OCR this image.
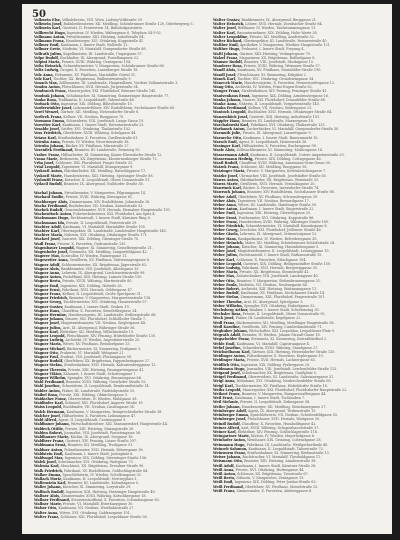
50

Volkwein Else, Volkslehrerin, VIII. Wien, Ludwig-Vollstraße 29.

Volkwein Josef, Bahnbediensteter, XII. Meidling, Schönbrunner Straße 120, Oderbergweg 5.

Volkwein Karl, Gastwirt, II. Praterstern 14, Bahnhofgaststätte.

Vollbrecht Hugo, Ingenieur, IV. Wieden, Waltergasse 6, Telephon 54-3-92.

Vollmann Anton, Privatbeamter, XIII. Hietzing, Auhofstraße 64.

Vollmann Franz, Hausbesorger, XVI. Ottakring, Koppstraße 41.

Vollmer Emil, Kaufmann, I. Innere Stadt, Wollzeile 12.

Vollmer Grete, Modistin, VI. Mariahilf, Gumpendorfer Straße 88.

Vollrath Julius, Kapellmeister, III. Landstraße, Ungargasse 37.

Volpe Rudolf, Buchhalter, IX. Alsergrund, Porzellangasse 22.

Volpini Maria, Private, XVIII. Währing, Gentzgasse 104.

Volta Heinrich, Schneidermeister, V. Margareten, Schönbrunner Straße 66.

Voltz Ludwig, Drogist, X. Favoriten, Laxenburger Straße 18.

Volz Anna, Hebamme, XV. Fünfhaus, Mariahilfer Gürtel 31.

Volz Karl, Tischler, XX. Brigittenau, Wallensteinstraße 9.

Vonach Max, Zollbeamter, III. Landstraße, Hauptzollamt, Vordere Zollamtsstraße 3.

Vondra Anton, Fleischhauer, XVII. Hernals, Jörgerstraße 54.

Vondracek Franz, Maurerpolier, XXI. Floridsdorf, Brünner Straße 140.

Vondrak Johann, Schuhmacher, XI. Simmering, Simmeringer Hauptstraße 77.

Vonka Rosa, Trafikantin, II. Leopoldstadt, Taborstraße 46.

Vorbach Otto, Ingenieur, XIX. Döbling, Billrothstraße 15.

Vorderwinkler Josef, Lokomotivführer, XIV. Rudolfsheim, Sechshauser Straße 60.

Vorel Wenzel, Gärtner, XII. Meidling, Hetzendorfer Straße 8.

Vorlicek Franz, Kellner, VII. Neubau, Burggasse 70.

Vormann Emma, Schneiderin, VIII. Josefstadt, Lange Gasse 19.

Vorreiter Karl, Kaufmann, I. Innere Stadt, Rotenturmstraße 23.

Vosahlo Josef, Sattler, XVI. Ottakring, Thaliastraße 102.

Voss Friedrich, Oberlehrer, XVIII. Währing, Schulgasse 44.

Votava Karl, Straßenbahner, X. Favoriten, Quellenstraße 81.

Votruba Anna, Private, IV. Wieden, Favoritenstraße 38.

Votruba Johann, Bäcker, XV. Fünfhaus, Märzstraße 27.

Vozenilek Ferdinand, Beamter, III. Landstraße, Rennweg 55.

Vrabec Franz, Hilfsarbeiter, XI. Simmering, Kaiser-Ebersdorfer Straße 12.

Vrana Marie, Bedienerin, XX. Brigittenau, Klosterneuburger Straße 72.

Vrba Josef, Schlosser, XXI. Floridsdorf, Prager Straße 33.

Vrtal Leopold, Tapezierer, VI. Mariahilf, Stumpergasse 9.

Vyskocil Anton, Fabrikarbeiter, XII. Meidling, Ratschkygasse 17.

Vyskocil Marie, Hausbesitzerin, XIII. Hietzing, Speisinger Straße 88.

Vysloužil Franz, Kutscher, II. Leopoldstadt, Obere Donaustraße 51.

Vytlacil Rudolf, Beamter, IX. Alsergrund, Nußdorfer Straße 36.

Wachal Johann, Privatbeamter, V. Margareten, Pilgramgasse 14.

Wachauf Emilie, Private, XVIII. Währing, Kreuzgasse 61.

Wachberger Alois, Zimmermann, XIV. Rudolfsheim, Johnstraße 28.

Wacha Ferdinand, Buchdrucker, VII. Neubau, Kaiserstraße 52.

Wachek Rudolf, Gemeindebeamter, XVII. Hernals, Hernalser Hauptstraße 130.

Wachowitsch Anton, Fuhrwerksbesitzer, XXI. Floridsdorf, Am Spitz 4.

Wachsmann Hugo, Rechtsanwalt, I. Innere Stadt, Kärntner Ring 8.

Wachsmann Ida, Private, II. Leopoldstadt, Praterstraße 29.

Wachter Adolf, Kaufmann, VI. Mariahilf, Mariahilfer Straße 105.

Wachter Karl, Oberinspektor, III. Landstraße, Landstraßer Hauptstraße 140.

Wachter Maria, Näherin, XVI. Ottakring, Ottakringer Straße 171.

Wackerl Josef, Gastwirt, XIX. Döbling, Grinzinger Straße 70.

Wadl Franz, Friseur, X. Favoriten, Gudrunstraße 135.

Wagenbauer Leopold, Wagner, XI. Simmering, Geiselbergstraße 21.

Wagenhofer Josef, Steinmetz, XII. Meidling, Längenfeldgasse 42.

Wagerer Max, Kontrollor, IV. Wieden, Rainergasse 11.

Wagesreiter Anna, Greißlerin, XV. Fünfhaus, Stättermayergasse 6.

Wagner Adolf, Schlossermeister, XX. Brigittenau, Jägerstraße 63.

Wagner Alois, Bankbeamter, VIII. Josefstadt, Albertgasse 35.

Wagner Anna, Lehrerin, IX. Alsergrund, Liechtensteinstraße 98.

Wagner Anton, Postoffizial, XIII. Hietzing, Lainzer Straße 150.

Wagner Berta, Private, XVIII. Währing, Martinstraße 80.

Wagner Emil, Ingenieur, XIX. Döbling, Hofzeile 26.

Wagner Ernst, Fabrikant, XVII. Hernals, Geblergasse 47.

Wagner Franz, Kellner, II. Leopoldstadt, Große Sperlgasse 31.

Wagner Friedrich, Beamter, V. Margareten, Margaretenstraße 116.

Wagner Georg, Tischlermeister, XVI. Ottakring, Hasnerstraße 57.

Wagner Gustav, Kaufmann, I. Innere Stadt, Graben 19.

Wagner Hans, Chauffeur, X. Favoriten, Senefeldergasse 24.

Wagner Hermine, Hausbesorgerin, III. Landstraße, Erdbergstraße 68.

Wagner Johann, Maurer, XXI. Floridsdorf, Schloßhofer Straße 7.

Wagner Josef, Magistratsbeamter, VII. Neubau, Zieglergasse 44.

Wagner Julius, Arzt, IX. Alsergrund, Währinger Straße 56.

Wagner Karl, Elektriker, XII. Meidling, Wilhelmstraße 19.

Wagner Leopold, Fleischhauer, XIV. Penzing, Hütteldorfer Straße 130.

Wagner Ludwig, Architekt, IV. Wieden, Argentinierstraße 25.

Wagner Maria, Witwe, XV. Fünfhaus, Reindorfgasse 33.

Wagner Michael, Bäckermeister, XI. Simmering, Dorfgasse 3.

Wagner Otto, Prokurist, VI. Mariahilf, Webgasse 21.

Wagner Paul, Student, VIII. Josefstadt, Florianigasse 50.

Wagner Rudolf, Oberlehrer, XX. Brigittenau, Pappenheimgasse 27.

Wagner Stefan, Straßenbahner, XVII. Hernals, Kalvarienberggasse 12.

Wagner Theresia, Private, XIII. Hietzing, Fasangartengasse 41.

Wagner Viktor, Zahnarzt, I. Innere Stadt, Schottengasse 7.

Wagner Wilhelm, Spengler, XVI. Ottakring, Brunnengasse 66.

Wahl Ferdinand, Beamter, XVIII. Währing, Gersthofer Straße 92.

Wahl Josefine, Schneiderin, II. Leopoldstadt, Rembrandtstraße 14.

Wahler Anton, Fiaker, III. Landstraße, Radetzkystraße 10.

Waibel Rosa, Private, XIX. Döbling, Obkirchergasse 3.

Waidacher Franz, Oberrevident, IV. Wieden, Mühlgasse 28.

Waidhofer Karl, Schmied, XXI. Floridsdorf, Angerer Straße 19.

Waiss Leopold, Buchbinder, VII. Neubau, Lindengasse 56.

Walch Hermann, Kaufmann, V. Margareten, Reinprechtsdorfer Straße 38.

Walcher Josef, Hilfsarbeiter, X. Favoriten, Leibnizgasse 47.

Wald Alfred, Agent, II. Leopoldstadt, Czerningasse 9.

Waldbauer Johann, Wirtschaftsbesitzer, XXI. Stammersdorf, Hauptstraße 44.

Waldeck Ottilie, Private, XIII. Hietzing, Maxingstraße 20.

Walden Robert, Journalist, VIII. Josefstadt, Piaristengasse 56.

Waldhauser Marie, Köchin, IX. Alsergrund, Seegasse 16.

Waldherr Franz, Gastwirt, XIV. Penzing, Linzer Straße 297.

Waldmann Ernst, Beamter, XII. Meidling, Tivoligasse 51.

Waldner Anton, Polizeibeamter, XVII. Hernals, Rötzergasse 38.

Waldstein Emil, Kaufmann, I. Innere Stadt, Judenplatz 6.

Waldvogel Max, Ingenieur, XIX. Döbling, Sieveringer Straße 106.

Walek Josef, Schuhmacher, XVI. Ottakring, Wattgasse 73.

Walenta Karl, Maschinist, XX. Brigittenau, Dresdner Straße 90.

Walk Friedrich, Fabrikant, XV. Rudolfsheim, Goldschlagstraße 84.

Walker Emma, Sprachlehrerin, IV. Wieden, Schelleingasse 32.

Wallach Moriz, Kaufmann, II. Leopoldstadt, Nestroyplatz 1.

Wallenstein Karl, Beamter, III. Landstraße, Kolonitzgasse 5.

Waller Johann, Kutscher, XI. Simmering, Lorystraße 29.

Wallisch Rudolf, Ingenieur, XIII. Hietzing, Hietzinger Hauptstraße 40.

Wallner Alois, Zimmermaler, XVIII. Währing, Kutschkergasse 18.

Wallner Ferdinand, Steueramtsoffizial, X. Favoriten, Columbusgasse 63.

Wallner Marie, Private, VI. Mariahilf, Esterhazygasse 30.

Walser Otto, Kaufmann, VII. Neubau, Westbahnstraße 27.

Walter Anna, Witwe, XVI. Ottakring, Gablenzgasse 101.

Walter Franz, Schlosser, XXI. Floridsdorf, Leopoldauer Straße 56.

Walter Gustav, Bankbeamter, IX. Alsergrund, Berggasse 21.

Walter Heinrich, Lehrer, XVII. Hernals, Dornbacher Straße 84.

Walter Josef, Bildhauer, IV. Wieden, Taubstummengasse 11.

Walter Karl, Bauunternehmer, XIX. Döbling, Hohe Warte 38.

Walter Leopoldine, Private, XII. Meidling, Arndtstraße 52.

Walter Richard, Oberinspektor, III. Landstraße, Reisnerstraße 40.

Walther Emil, Apotheker, V. Margareten, Wiedner Hauptstraße 121.

Walther Hugo, Prokurist, I. Innere Stadt, Freyung 4.

Waltl Johann, Gärtner, XIII. Hietzing, Veitingergasse 70.

Walzel Franz, Magazineur, XX. Brigittenau, Raffaelgasse 8.

Wamser Rudolf, Beamter, VIII. Josefstadt, Skodagasse 15.

Wanderer Rosa, Private, XVIII. Währing, Weimarer Straße 57.

Wandl Alois, Kaufmann, XV. Fünfhaus, Mariahilfer Straße 190.

Wandl Josef, Fleischhauer, XI. Simmering, Enkplatz 2.

Wanek Karl, Tischler, XVI. Ottakring, Grundsteingasse 34.

Wanecek Marie, Hausbesorgerin, X. Favoriten, Pernerstorfergasse 12.

Wang Otto, Architekt, IV. Wieden, Prinz-Eugen-Straße 62.

Wanger Franz, Straßenbahner, XIV. Penzing, Penzinger Straße 41.

Wanivenhaus Ernst, Ingenieur, XIX. Döbling, Armbrustergasse 16.

Wanka Johann, Maurer, XXI. Floridsdorf, Donaufelder Straße 88.

Wanke Anna, Näherin, II. Leopoldstadt, Vorgartenstraße 145.

Wanko Ferdinand, Kellner, VII. Neubau, Seidengasse 21.

Wantoch Leopold, Buchhalter, XVII. Hernals, Ottakringer Straße 64.

Wanzenböck Josef, Gastwirt, XIII. Hietzing, Auhofstraße 101.

Wappler Hans, Beamter, III. Landstraße, Marxergasse 18.

Warchalowski Karl, Fabrikant, XVI. Ottakring, Thaliastraße 125.

Warhanek Anton, Zuckerbäcker, VI. Mariahilf, Gumpendorfer Straße 30.

Warmuth Julie, Private, IX. Alsergrund, Lazarettgasse 9.

Warnecke Otto, Kaufmann, I. Innere Stadt, Bauernmarkt 10.

Warsch Emil, Agent, II. Leopoldstadt, Heinestraße 36.

Wasinger Karl, Hilfsarbeiter, X. Favoriten, Buchengasse 99.

Wasle Alois, Zollwachbeamter, XI. Simmering, Molitorgasse 14.

Wassermann Adolf, Kaufmann, II. Leopoldstadt, Untere Augartenstraße 20.

Wassermann Hedwig, Private, XIX. Döbling, Cottagegasse 46.

Wastl Rudolf, Chauffeur, XVIII. Währing, Anastasius-Grün-Gasse 30.

Watzek Franz, Schlosser, XII. Meidling, Bonygasse 58.

Watzinger Maria, Private, V. Margareten, Kettenbrückengasse 7.

Watzke Josef, Uhrmacher, VIII. Josefstadt, Josefstädter Straße 65.

Wawra Anton, Fabrikarbeiter, XX. Brigittenau, Wexstraße 33.

Wawra Marie, Greißlerin, XVII. Hernals, Veronikagasse 20.

Wawrinek Karl, Bäcker, X. Favoriten, Inzersdorfer Straße 74.

Wawruch Johann, Beamter, XIV. Rudolfsheim, Sechshauser Straße 88.

Weber Adolf, Oberlehrer, XV. Fünfhaus, Schwendergasse 39.

Weber Alois, Tapezierer, VII. Neubau, Bernardgasse 17.

Weber Anna, Witwe, III. Landstraße, Hainburger Straße 50.

Weber Anton, Kaufmann, I. Innere Stadt, Singerstraße 22.

Weber Emil, Ingenieur, XIII. Hietzing, Gloriettegasse 25.

Weber Ernst, Postbeamter, XVI. Ottakring, Koppstraße 86.

Weber Franz, Hausbesitzer, XVIII. Währing, Währinger Straße 160.

Weber Friedrich, Schneidermeister, VI. Mariahilf, Kaunitzgasse 8.

Weber Georg, Drechsler, XXI. Floridsdorf, Jedleseer Straße 46.

Weber Gisela, Lehrerin, IX. Alsergrund, Grünentorgasse 12.

Weber Hans, Bankprokurist, IV. Wieden, Belvederegasse 30.

Weber Heinrich, Maler, XII. Meidling, Schönbrunner Schloßstraße 24.

Weber Johann, Kutscher, XI. Simmering, Hasenleitengasse 5.

Weber Josef, Magistratsbeamter, II. Leopoldstadt, Lessinggasse 19.

Weber Julius, Rechtsanwalt, I. Innere Stadt, Rathausstraße 15.

Weber Karl, Schlosser, X. Favoriten, Erlachgasse 104.

Weber Leopold, Gastwirt, XIX. Döbling, Heiligenstädter Straße 150.

Weber Ludwig, Fabrikant, XVII. Hernals, Bergsteiggasse 35.

Weber Maria, Private, XX. Brigittenau, Stromstraße 41.

Weber Max, Zahntechniker, VIII. Josefstadt, Laudongasse 40.

Weber Otto, Beamter, V. Margareten, Siebenbrunnengasse 21.

Weber Paula, Modistin, VII. Neubau, Neubaugasse 64.

Weber Robert, Architekt, XIII. Hietzing, Wattmanngasse 11.

Weber Rudolf, Kaufmann, XV. Fünfhaus, Sechshauser Straße 14.

Weber Stefan, Zimmermann, XXI. Floridsdorf, Pragerstraße 101.

Weber Theodor, Arzt, IX. Alsergrund, Spitalgasse 3.

Weber Wilhelm, Spengler, XVI. Ottakring, Haberlgasse 52.

Wechsberg Arthur, Bankier, I. Innere Stadt, Schottenring 30.

Wechsler Rosa, Private, II. Leopoldstadt, Obere Donaustraße 95.

Weck Josef, Fiaker, III. Landstraße, Kegelgasse 22.

Wedl Franz, Bäckermeister, XII. Meidling, Meidlinger Hauptstraße 58.

Wedl Karoline, Greißlerin, XIV. Penzing, Cumberlandstraße 71.

Weghuber Johann, Wirtschafter, XXI. Leopoldau, Leopoldauer Platz 9.

Wegrath Adolf, Beamter, IV. Wieden, Johann-Strauß-Gasse 16.

Wegscheider Franz, Steinmetz, XI. Simmering, Zentralfriedhof 2.

Wehle Emil, Kaufmann, VI. Mariahilf, Capistrangasse 4.

Wehrl Josefine, Schneiderin, XVIII. Währing, Staudgasse 27.

Weichselbaum Karl, Gärtner, XIII. Hietzing, Hetzendorfer Straße 120.

Weidinger Anton, Polizeibeamter, X. Favoriten, Keplergasse 19.

Weidinger Maria, Private, XVII. Hernals, Lacknergasse 63.

Weidlich Otto, Ingenieur, XIX. Döbling, Pyrkergasse 20.

Weidmann Hugo, Journalist, VIII. Josefstadt, Lerchenfelder Straße 112.

Weigand Josef, Schuhmacher, XX. Brigittenau, Gaußplatz 5.

Weigel Ferdinand, Oberrevident, III. Landstraße, Salesianergasse 31.

Weigl Anna, Hebamme, XVI. Ottakring, Neulerchenfelder Straße 60.

Weigl Karl, Tischlermeister, XV. Fünfhaus, Hütteldorfer Straße 18.

Weihs Leopold, Maurerpolier, XXI. Floridsdorf, Floridsdorfer Hauptstraße 22.

Weikert Franz, Beamter, V. Margareten, Ramperstorffergasse 44.

Weil Ernst, Kaufmann, I. Innere Stadt, Tuchlauben 7.

Weil Stefanie, Private, II. Leopoldstadt, Zirkusgasse 38.

Weiler Johann, Hausbesorger, XII. Meidling, Steinbauergasse 27.

Weinberger Adolf, Agent, IX. Alsergrund, Türkenstraße 15.

Weinberger Emma, Sprachlehrerin, VII. Neubau, Schottenfeldgasse 55.

Weinberger Josef, Fleischhauer, XVII. Hernals, Wattgasse 30.

Weindl Rudolf, Chauffeur, X. Favoriten, Humboldtgasse 42.

Weiner Alfred, Arzt, XVIII. Währing, Schopenhauerstraße 37.

Weiner Karl, Elektriker, XIV. Penzing, Goldschlagstraße 118.

Weingartner Marie, Köchin, IV. Wieden, Mayerhofgasse 6.

Weinhofer Anton, Weinhauer, XIX. Grinzing, Cobenzlgasse 28.

Weinmann Hugo, Fabrikant, III. Landstraße, Weißgerberlände 40.

Weinreb Salomon, Kaufmann, II. Leopoldstadt, Taborstraße 72.

Weinwurm Franz, Straßenbahner, XI. Simmering, Brehmstraße 13.

Weiser Johann, Buchdrucker, VI. Mariahilf, Theobaldgasse 11.

Weismann Otto, Beamter, XIII. Hietzing, Amalienstraße 38.

Weiß Adolf, Kaufmann, I. Innere Stadt, Kärntner Straße 28.

Weiß Anna, Private, XVI. Ottakring, Huttengasse 44.

Weiß Anton, Schlosser, XX. Brigittenau, Treustraße 67.

Weiß Berta, Näherin, V. Margareten, Zentagasse 19.

Weiß Emil, Ingenieur, XIX. Döbling, Peter-Jordan-Straße 62.

Weiß Ferdinand, Oberlehrer, XV. Fünfhaus, Meiselstraße 25.

Weiß Franz, Zimmermaler, X. Favoriten, Absberggasse 8.
